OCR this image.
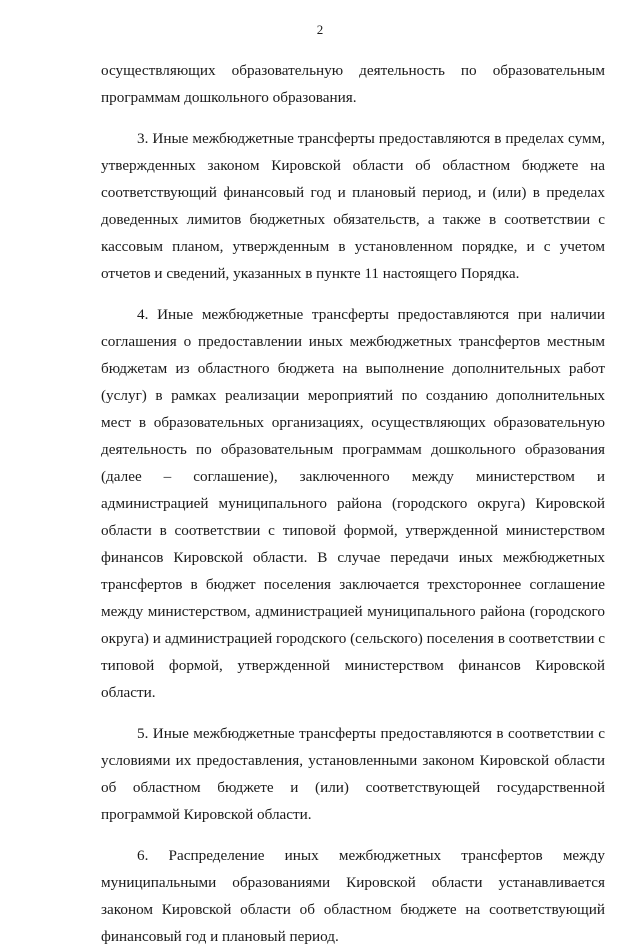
2

осуществляющих образовательную деятельность по образовательным программам дошкольного образования.

3. Иные межбюджетные трансферты предоставляются в пределах сумм, утвержденных законом Кировской области об областном бюджете на соответствующий финансовый год и плановый период, и (или) в пределах доведенных лимитов бюджетных обязательств, а также в соответствии с кассовым планом, утвержденным в установленном порядке, и с учетом отчетов и сведений, указанных в пункте 11 настоящего Порядка.

4. Иные межбюджетные трансферты предоставляются при наличии соглашения о предоставлении иных межбюджетных трансфертов местным бюджетам из областного бюджета на выполнение дополнительных работ (услуг) в рамках реализации мероприятий по созданию дополнительных мест в образовательных организациях, осуществляющих образовательную деятельность по образовательным программам дошкольного образования (далее – соглашение), заключенного между министерством и администрацией муниципального района (городского округа) Кировской области в соответствии с типовой формой, утвержденной министерством финансов Кировской области. В случае передачи иных межбюджетных трансфертов в бюджет поселения заключается трехстороннее соглашение между министерством, администрацией муниципального района (городского округа) и администрацией городского (сельского) поселения в соответствии с типовой формой, утвержденной министерством финансов Кировской области.

5. Иные межбюджетные трансферты предоставляются в соответствии с условиями их предоставления, установленными законом Кировской области об областном бюджете и (или) соответствующей государственной программой Кировской области.

6. Распределение иных межбюджетных трансфертов между муниципальными образованиями Кировской области устанавливается законом Кировской области об областном бюджете на соответствующий финансовый год и плановый период.
